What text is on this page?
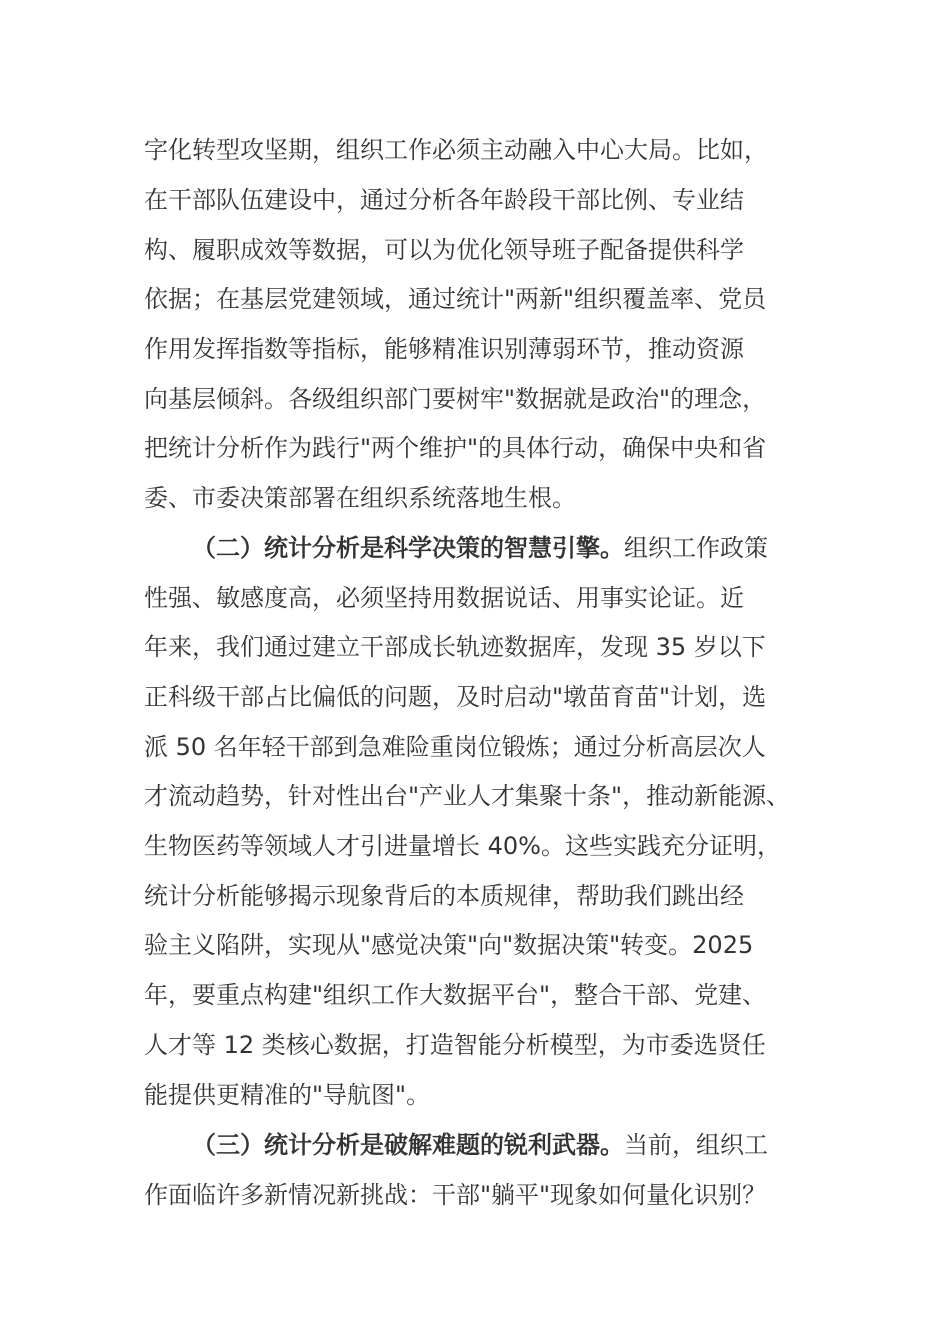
字化转型攻坚期，组织工作必须主动融入中心大局。比如，
在干部队伍建设中，通过分析各年龄段干部比例、专业结
构、履职成效等数据，可以为优化领导班子配备提供科学
依据；在基层党建领域，通过统计"两新"组织覆盖率、党员
作用发挥指数等指标，能够精准识别薄弱环节，推动资源
向基层倾斜。各级组织部门要树牢"数据就是政治"的理念，
把统计分析作为践行"两个维护"的具体行动，确保中央和省
委、市委决策部署在组织系统落地生根。
（二）统计分析是科学决策的智慧引擎。组织工作政策
性强、敏感度高，必须坚持用数据说话、用事实论证。近
年来，我们通过建立干部成长轨迹数据库，发现 35 岁以下
正科级干部占比偏低的问题，及时启动"墩苗育苗"计划，选
派 50 名年轻干部到急难险重岗位锻炼；通过分析高层次人
才流动趋势，针对性出台"产业人才集聚十条"，推动新能源、
生物医药等领域人才引进量增长 40%。这些实践充分证明，
统计分析能够揭示现象背后的本质规律，帮助我们跳出经
验主义陷阱，实现从"感觉决策"向"数据决策"转变。2025
年，要重点构建"组织工作大数据平台"，整合干部、党建、
人才等 12 类核心数据，打造智能分析模型，为市委选贤任
能提供更精准的"导航图"。
（三）统计分析是破解难题的锐利武器。当前，组织工
作面临许多新情况新挑战：干部"躺平"现象如何量化识别？
